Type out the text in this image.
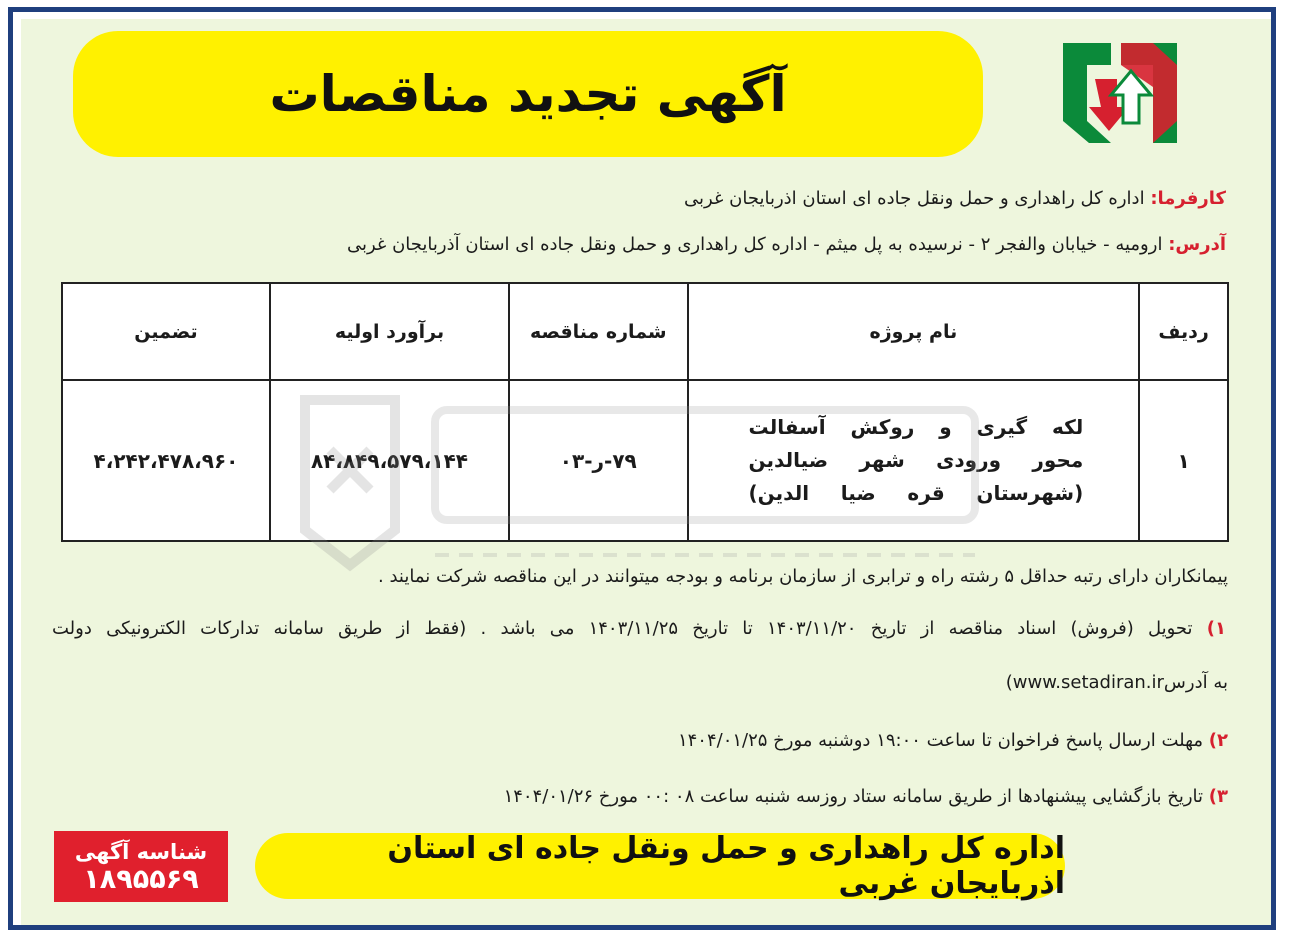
آگهی تجدید مناقصات
کارفرما: اداره کل راهداری و حمل ونقل جاده ای استان اذربایجان غربی
آدرس: ارومیه - خیابان والفجر ۲ - نرسیده به پل میثم - اداره کل راهداری و حمل ونقل جاده ای استان آذربایجان غربی
ردیف	نام پروژه	شماره مناقصه	برآورد اولیه	تضمین
۱	لکه گیری و روکش آسفالت
محور ورودی شهر ضیالدین
(شهرستان قره ضیا الدین)	۷۹-ر-۰۳	۸۴،۸۴۹،۵۷۹،۱۴۴	۴،۲۴۲،۴۷۸،۹۶۰
پیمانکاران دارای رتبه حداقل ۵ رشته راه و ترابری از سازمان برنامه و بودجه میتوانند در این مناقصه شرکت نمایند .
۱) تحویل (فروش) اسناد مناقصه از تاریخ ۱۴۰۳/۱۱/۲۰ تا تاریخ ۱۴۰۳/۱۱/۲۵ می باشد . (فقط از طریق سامانه تدارکات الکترونیکی دولت
به آدرس(www.setadiran.ir
۲) مهلت ارسال پاسخ فراخوان تا ساعت ۱۹:۰۰ دوشنبه مورخ ۱۴۰۴/۰۱/۲۵
۳) تاریخ بازگشایی پیشنهادها از طریق سامانه ستاد روزسه شنبه ساعت ۰۸ :۰۰ مورخ ۱۴۰۴/۰۱/۲۶
اداره کل راهداری و حمل ونقل جاده ای استان اذربایجان غربی
شناسه آگهی
۱۸۹۵۵۶۹
